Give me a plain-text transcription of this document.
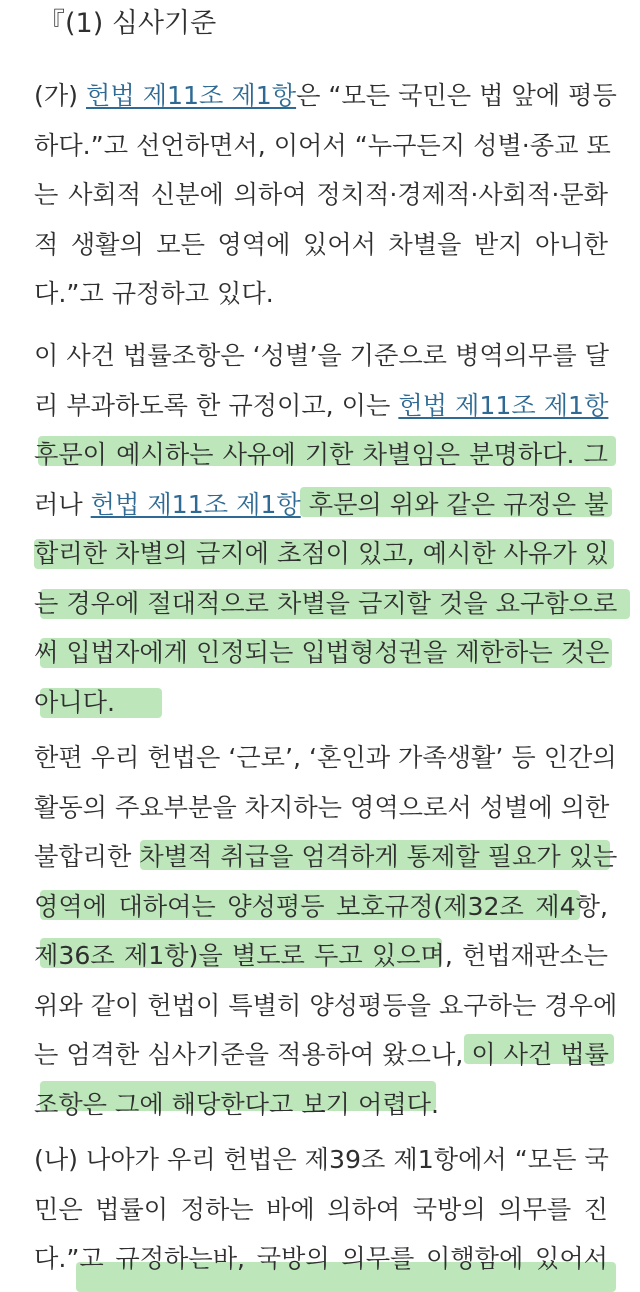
『(1) 심사기준
(가) 헌법 제11조 제1항은 “모든 국민은 법 앞에 평등
하다.”고 선언하면서, 이어서 “누구든지 성별·종교 또
는 사회적 신분에 의하여 정치적·경제적·사회적·문화
적 생활의 모든 영역에 있어서 차별을 받지 아니한
다.”고 규정하고 있다.
이 사건 법률조항은 ‘성별’을 기준으로 병역의무를 달
리 부과하도록 한 규정이고, 이는 헌법 제11조 제1항
후문이 예시하는 사유에 기한 차별임은 분명하다. 그
러나 헌법 제11조 제1항 후문의 위와 같은 규정은 불
합리한 차별의 금지에 초점이 있고, 예시한 사유가 있
는 경우에 절대적으로 차별을 금지할 것을 요구함으로
써 입법자에게 인정되는 입법형성권을 제한하는 것은
아니다.
한편 우리 헌법은 ‘근로’, ‘혼인과 가족생활’ 등 인간의
활동의 주요부분을 차지하는 영역으로서 성별에 의한
불합리한 차별적 취급을 엄격하게 통제할 필요가 있는
영역에 대하여는 양성평등 보호규정(제32조 제4항,
제36조 제1항)을 별도로 두고 있으며, 헌법재판소는
위와 같이 헌법이 특별히 양성평등을 요구하는 경우에
는 엄격한 심사기준을 적용하여 왔으나, 이 사건 법률
조항은 그에 해당한다고 보기 어렵다.
(나) 나아가 우리 헌법은 제39조 제1항에서 “모든 국
민은 법률이 정하는 바에 의하여 국방의 의무를 진
다.”고 규정하는바, 국방의 의무를 이행함에 있어서
